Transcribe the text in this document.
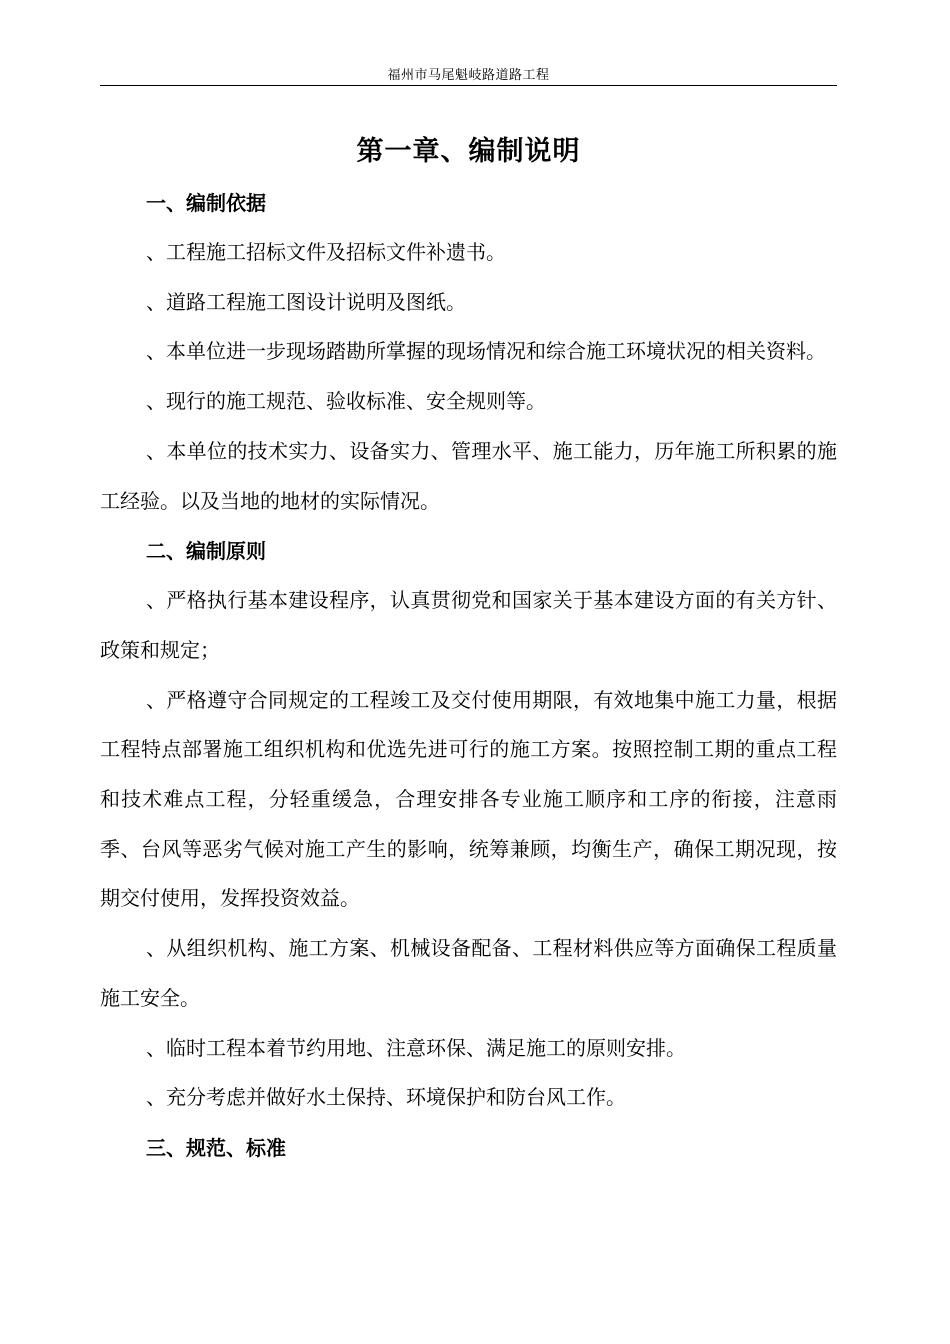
福州市马尾魁岐路道路工程
第一章、编制说明
一、编制依据

、工程施工招标文件及招标文件补遗书。

、道路工程施工图设计说明及图纸。

、本单位进一步现场踏勘所掌握的现场情况和综合施工环境状况的相关资料。

、现行的施工规范、验收标准、安全规则等。

、本单位的技术实力、设备实力、管理水平、施工能力，历年施工所积累的施工经验。以及当地的地材的实际情况。

二、编制原则

、严格执行基本建设程序，认真贯彻党和国家关于基本建设方面的有关方针、政策和规定；

、严格遵守合同规定的工程竣工及交付使用期限，有效地集中施工力量，根据工程特点部署施工组织机构和优选先进可行的施工方案。按照控制工期的重点工程和技术难点工程，分轻重缓急，合理安排各专业施工顺序和工序的衔接，注意雨季、台风等恶劣气候对施工产生的影响，统筹兼顾，均衡生产，确保工期况现，按期交付使用，发挥投资效益。

、从组织机构、施工方案、机械设备配备、工程材料供应等方面确保工程质量施工安全。

、临时工程本着节约用地、注意环保、满足施工的原则安排。

、充分考虑并做好水土保持、环境保护和防台风工作。

三、规范、标准
